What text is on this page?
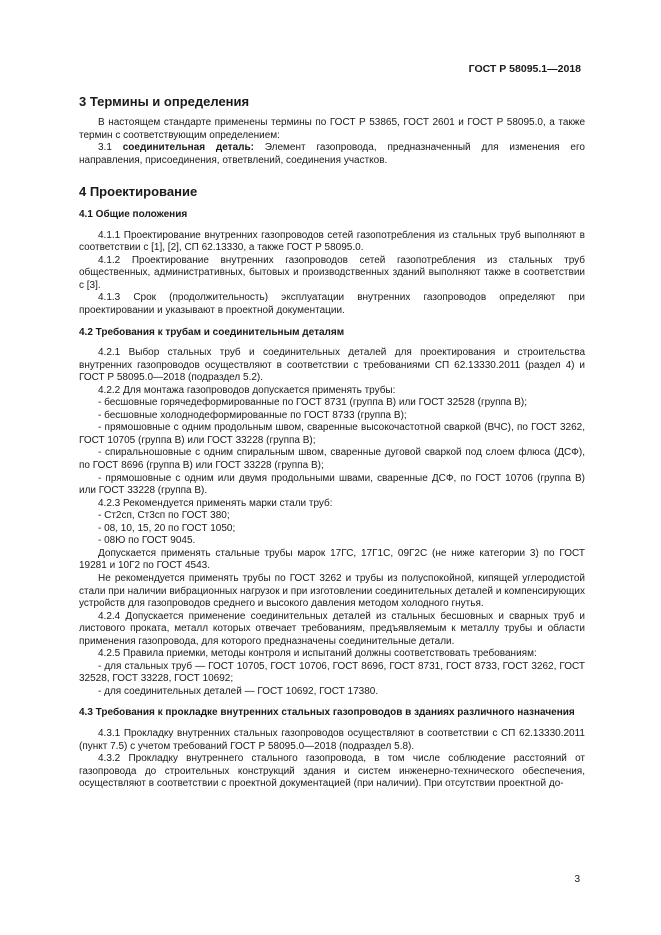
ГОСТ Р 58095.1—2018
3 Термины и определения

В настоящем стандарте применены термины по ГОСТ Р 53865, ГОСТ 2601 и ГОСТ Р 58095.0, а также термин с соответствующим определением:

3.1 соединительная деталь: Элемент газопровода, предназначенный для изменения его направления, присоединения, ответвлений, соединения участков.

4 Проектирование
4.1 Общие положения

4.1.1 Проектирование внутренних газопроводов сетей газопотребления из стальных труб выполняют в соответствии с [1], [2], СП 62.13330, а также ГОСТ Р 58095.0.

4.1.2 Проектирование внутренних газопроводов сетей газопотребления из стальных труб общественных, административных, бытовых и производственных зданий выполняют также в соответствии с [3].

4.1.3 Срок (продолжительность) эксплуатации внутренних газопроводов определяют при проектировании и указывают в проектной документации.

4.2 Требования к трубам и соединительным деталям

4.2.1 Выбор стальных труб и соединительных деталей для проектирования и строительства внутренних газопроводов осуществляют в соответствии с требованиями СП 62.13330.2011 (раздел 4) и ГОСТ Р 58095.0—2018 (подраздел 5.2).

4.2.2 Для монтажа газопроводов допускается применять трубы:

- бесшовные горячедеформированные по ГОСТ 8731 (группа В) или ГОСТ 32528 (группа В);

- бесшовные холоднодеформированные по ГОСТ 8733 (группа В);

- прямошовные с одним продольным швом, сваренные высокочастотной сваркой (ВЧС), по ГОСТ 3262, ГОСТ 10705 (группа В) или ГОСТ 33228 (группа В);

- спиральношовные с одним спиральным швом, сваренные дуговой сваркой под слоем флюса (ДСФ), по ГОСТ 8696 (группа В) или ГОСТ 33228 (группа В);

- прямошовные с одним или двумя продольными швами, сваренные ДСФ, по ГОСТ 10706 (группа В) или ГОСТ 33228 (группа В).

4.2.3 Рекомендуется применять марки стали труб:

- Ст2сп, Ст3сп по ГОСТ 380;

- 08, 10, 15, 20 по ГОСТ 1050;

- 08Ю по ГОСТ 9045.

Допускается применять стальные трубы марок 17ГС, 17Г1С, 09Г2С (не ниже категории 3) по ГОСТ 19281 и 10Г2 по ГОСТ 4543.

Не рекомендуется применять трубы по ГОСТ 3262 и трубы из полуспокойной, кипящей углеродистой стали при наличии вибрационных нагрузок и при изготовлении соединительных деталей и компенсирующих устройств для газопроводов среднего и высокого давления методом холодного гнутья.

4.2.4 Допускается применение соединительных деталей из стальных бесшовных и сварных труб и листового проката, металл которых отвечает требованиям, предъявляемым к металлу трубы и области применения газопровода, для которого предназначены соединительные детали.

4.2.5 Правила приемки, методы контроля и испытаний должны соответствовать требованиям:

- для стальных труб — ГОСТ 10705, ГОСТ 10706, ГОСТ 8696, ГОСТ 8731, ГОСТ 8733, ГОСТ 3262, ГОСТ 32528, ГОСТ 33228, ГОСТ 10692;

- для соединительных деталей — ГОСТ 10692, ГОСТ 17380.

4.3 Требования к прокладке внутренних стальных газопроводов в зданиях различного назначения

4.3.1 Прокладку внутренних стальных газопроводов осуществляют в соответствии с СП 62.13330.2011 (пункт 7.5) с учетом требований ГОСТ Р 58095.0—2018 (подраздел 5.8).

4.3.2 Прокладку внутреннего стального газопровода, в том числе соблюдение расстояний от газопровода до строительных конструкций здания и систем инженерно-технического обеспечения, осуществляют в соответствии с проектной документацией (при наличии). При отсутствии проектной до-

3
